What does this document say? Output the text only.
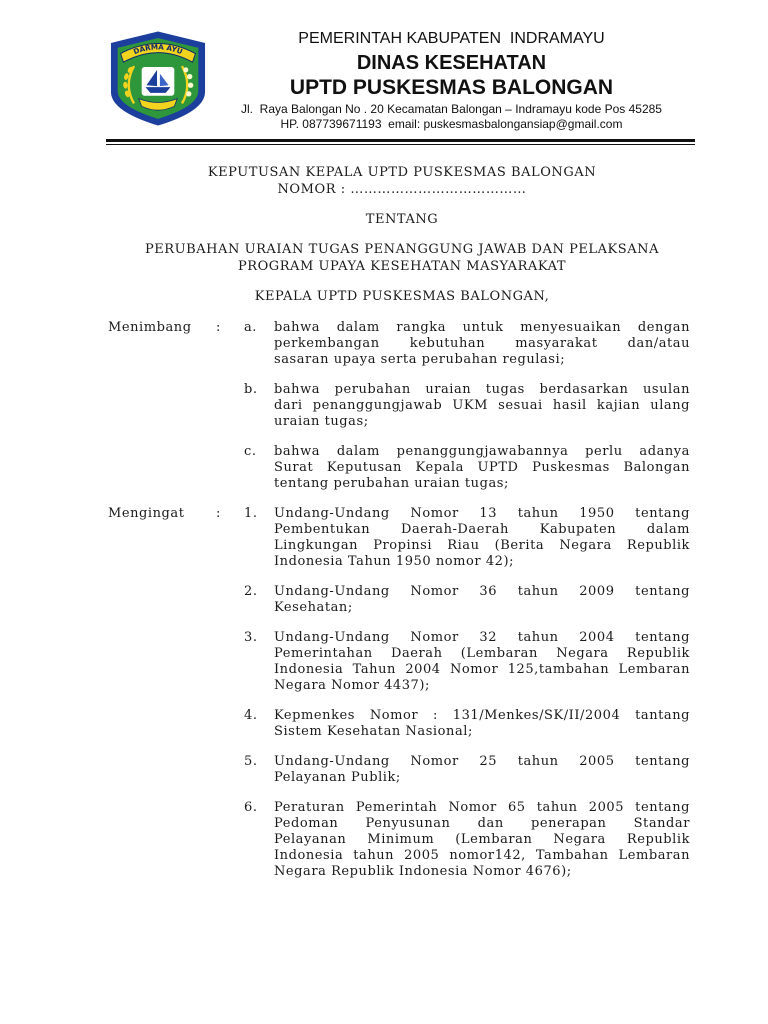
DARMA AYU
PEMERINTAH KABUPATEN  INDRAMAYU
DINAS KESEHATAN
UPTD PUSKESMAS BALONGAN
Jl.  Raya Balongan No . 20 Kecamatan Balongan – Indramayu kode Pos 45285
HP. 087739671193  email: puskesmasbalongansiap@gmail.com
KEPUTUSAN KEPALA UPTD PUSKESMAS BALONGAN
NOMOR : …………………………………
TENTANG
PERUBAHAN URAIAN TUGAS PENANGGUNG JAWAB DAN PELAKSANA
PROGRAM UPAYA KESEHATAN MASYARAKAT
KEPALA UPTD PUSKESMAS BALONGAN,
Menimbang	:	a.	bahwa dalam rangka untuk menyesuaikan dengan
perkembangan kebutuhan masyarakat dan/atau
sasaran upaya serta perubahan regulasi;
b.	bahwa perubahan uraian tugas berdasarkan usulan
dari penanggungjawab UKM sesuai hasil kajian ulang
uraian tugas;
c.	bahwa dalam penanggungjawabannya perlu adanya
Surat Keputusan Kepala UPTD Puskesmas Balongan
tentang perubahan uraian tugas;
Mengingat	:	1.	Undang-Undang Nomor 13 tahun 1950 tentang
Pembentukan Daerah-Daerah Kabupaten dalam
Lingkungan Propinsi Riau (Berita Negara Republik
Indonesia Tahun 1950 nomor 42);
2.	Undang-Undang Nomor 36 tahun 2009 tentang
Kesehatan;
3.	Undang-Undang Nomor 32 tahun 2004 tentang
Pemerintahan Daerah (Lembaran Negara Republik
Indonesia Tahun 2004 Nomor 125,tambahan Lembaran
Negara Nomor 4437);
4.	Kepmenkes Nomor : 131/Menkes/SK/II/2004 tantang
Sistem Kesehatan Nasional;
5.	Undang-Undang Nomor 25 tahun 2005 tentang
Pelayanan Publik;
6.	Peraturan Pemerintah Nomor 65 tahun 2005 tentang
Pedoman Penyusunan dan penerapan Standar
Pelayanan Minimum (Lembaran Negara Republik
Indonesia tahun 2005 nomor142, Tambahan Lembaran
Negara Republik Indonesia Nomor 4676);
